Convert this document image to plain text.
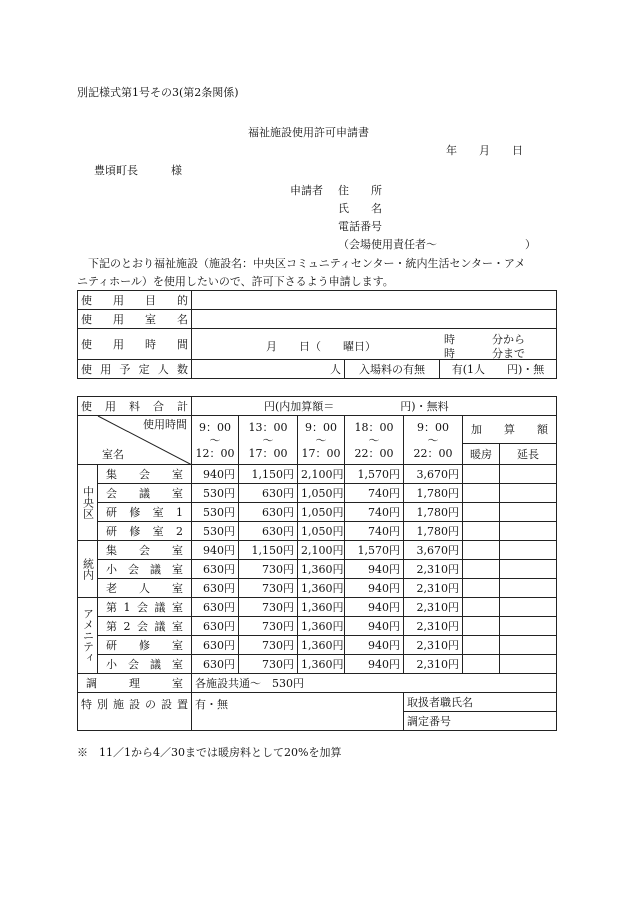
別記様式第1号その3(第2条関係)
福祉施設使用許可申請書
年　　月　　日
豊頃町長　　　様
申請者 住　　所
氏　　名
電話番号
（会場使用責任者～　　　　　　　　）
下記のとおり福祉施設（施設名：中央区コミュニティセンター・統内生活センター・アメ
ニティホール）を使用したいので、許可下さるよう申請します。
使用目的			
使用室名			
使用時間	月　　日（　　曜日）
時 分から
時 分まで		

使用予定人数	人	入場料の有無	有(1人　　円)・無
使用料合計		円(内加算額＝　　　　　　円)・無料						

使用時間
室名		9：00
～
12：00	13：00
～
17：00	9：00
～
17：00	18：00
～
22：00	9：00
～
22：00	加算額	
							暖房	延長
中央区	集会室	940円	1,150円	2,100円	1,570円	3,670円		
	会議室	530円	630円	1,050円	740円	1,780円		
	研修室1	530円	630円	1,050円	740円	1,780円		
	研修室2	530円	630円	1,050円	740円	1,780円		
統内	集会室	940円	1,150円	2,100円	1,570円	3,670円		
	小会議室	630円	730円	1,360円	940円	2,310円		
	老人室	630円	730円	1,360円	940円	2,310円		
アメニティ	第1会議室	630円	730円	1,360円	940円	2,310円		
	第2会議室	630円	730円	1,360円	940円	2,310円		
	研修室	630円	730円	1,360円	940円	2,310円		
	小会議室	630円	730円	1,360円	940円	2,310円		
調理室		各施設共通～　530円						
特別施設の設置		有・無				取扱者職氏名		
						調定番号		
※　11／1から4／30までは暖房料として20%を加算
